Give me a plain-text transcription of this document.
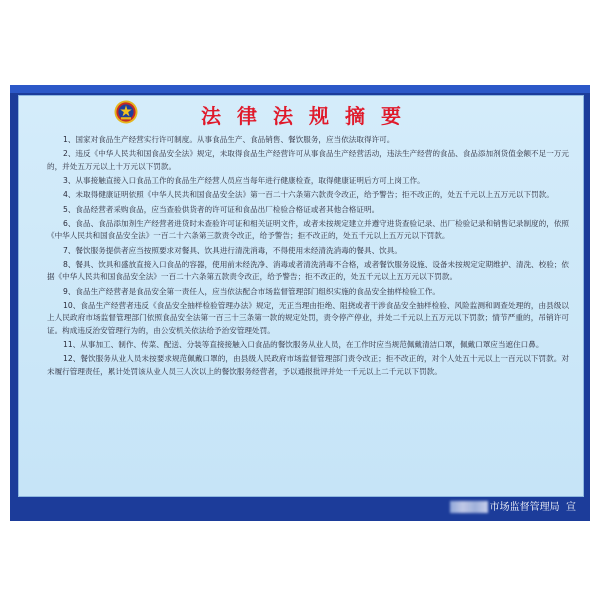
法律法规摘要

1、国家对食品生产经营实行许可制度。从事食品生产、食品销售、餐饮服务，应当依法取得许可。

2、违反《中华人民共和国食品安全法》规定，未取得食品生产经营许可从事食品生产经营活动，违法生产经营的食品、食品添加剂货值金额不足一万元的，并处五万元以上十万元以下罚款。

3、从事接触直接入口食品工作的食品生产经营人员应当每年进行健康检查，取得健康证明后方可上岗工作。

4、未取得健康证明依照《中华人民共和国食品安全法》第一百二十六条第六款责令改正，给予警告；拒不改正的，处五千元以上五万元以下罚款。

5、食品经营者采购食品，应当查验供货者的许可证和食品出厂检验合格证或者其他合格证明。

6、食品、食品添加剂生产经营者进货时未查验许可证和相关证明文件，或者未按规定建立并遵守进货查验记录、出厂检验记录和销售记录制度的，依照《中华人民共和国食品安全法》一百二十六条第三款责令改正，给予警告；拒不改正的，处五千元以上五万元以下罚款。

7、餐饮服务提供者应当按照要求对餐具、饮具进行清洗消毒，不得使用未经清洗消毒的餐具、饮具。

8、餐具、饮具和盛放直接入口食品的容器，使用前未经洗净、消毒或者清洗消毒不合格，或者餐饮服务设施、设备未按规定定期维护、清洗、校验；依据《中华人民共和国食品安全法》一百二十六条第五款责令改正，给予警告；拒不改正的，处五千元以上五万元以下罚款。

9、食品生产经营者是食品安全第一责任人，应当依法配合市场监督管理部门组织实施的食品安全抽样检验工作。

10、食品生产经营者违反《食品安全抽样检验管理办法》规定，无正当理由拒绝、阻挠或者干涉食品安全抽样检验、风险监测和调查处理的，由县级以上人民政府市场监督管理部门依照食品安全法第一百三十三条第一款的规定处罚，责令停产停业，并处二千元以上五万元以下罚款；情节严重的，吊销许可证。构成违反治安管理行为的，由公安机关依法给予治安管理处罚。

11、从事加工、制作、传菜、配送、分装等直接接触入口食品的餐饮服务从业人员，在工作时应当规范佩戴清洁口罩，佩戴口罩应当遮住口鼻。

12、餐饮服务从业人员未按要求规范佩戴口罩的，由县级人民政府市场监督管理部门责令改正；拒不改正的，对个人处五十元以上一百元以下罚款。对未履行管理责任，累计处罚该从业人员三人次以上的餐饮服务经营者，予以通报批评并处一千元以上二千元以下罚款。

市场监督管理局 宣
